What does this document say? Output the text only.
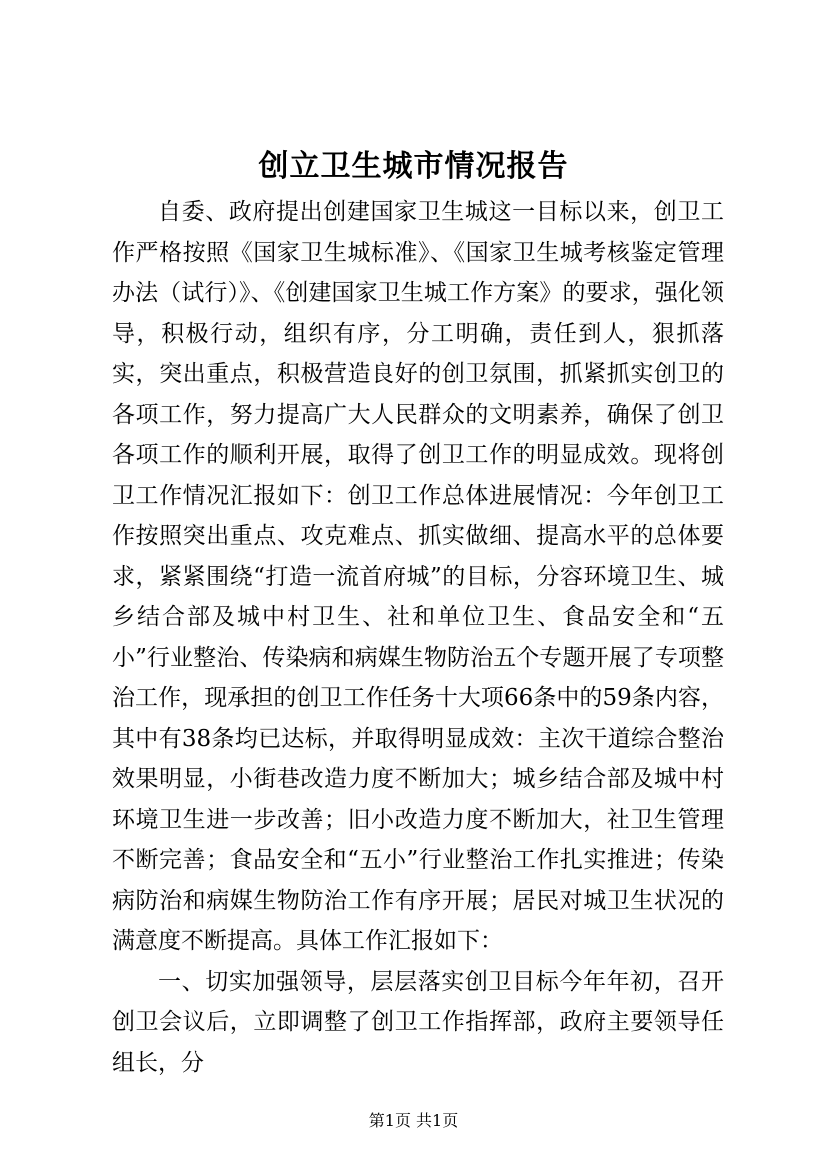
创立卫生城市情况报告

自委、政府提出创建国家卫生城这一目标以来，创卫工作严格按照《国家卫生城标准》、《国家卫生城考核鉴定管理办法（试行）》、《创建国家卫生城工作方案》的要求，强化领导，积极行动，组织有序，分工明确，责任到人，狠抓落实，突出重点，积极营造良好的创卫氛围，抓紧抓实创卫的各项工作，努力提高广大人民群众的文明素养，确保了创卫各项工作的顺利开展，取得了创卫工作的明显成效。现将创卫工作情况汇报如下：创卫工作总体进展情况：今年创卫工作按照突出重点、攻克难点、抓实做细、提高水平的总体要求，紧紧围绕“打造一流首府城”的目标，分容环境卫生、城乡结合部及城中村卫生、社和单位卫生、食品安全和“五小”行业整治、传染病和病媒生物防治五个专题开展了专项整治工作，现承担的创卫工作任务十大项66条中的59条内容，其中有38条均已达标，并取得明显成效：主次干道综合整治效果明显，小街巷改造力度不断加大；城乡结合部及城中村环境卫生进一步改善；旧小改造力度不断加大，社卫生管理不断完善；食品安全和“五小”行业整治工作扎实推进；传染病防治和病媒生物防治工作有序开展；居民对城卫生状况的满意度不断提高。具体工作汇报如下：

一、切实加强领导，层层落实创卫目标今年年初，召开创卫会议后，立即调整了创卫工作指挥部，政府主要领导任组长，分

第1页 共1页
